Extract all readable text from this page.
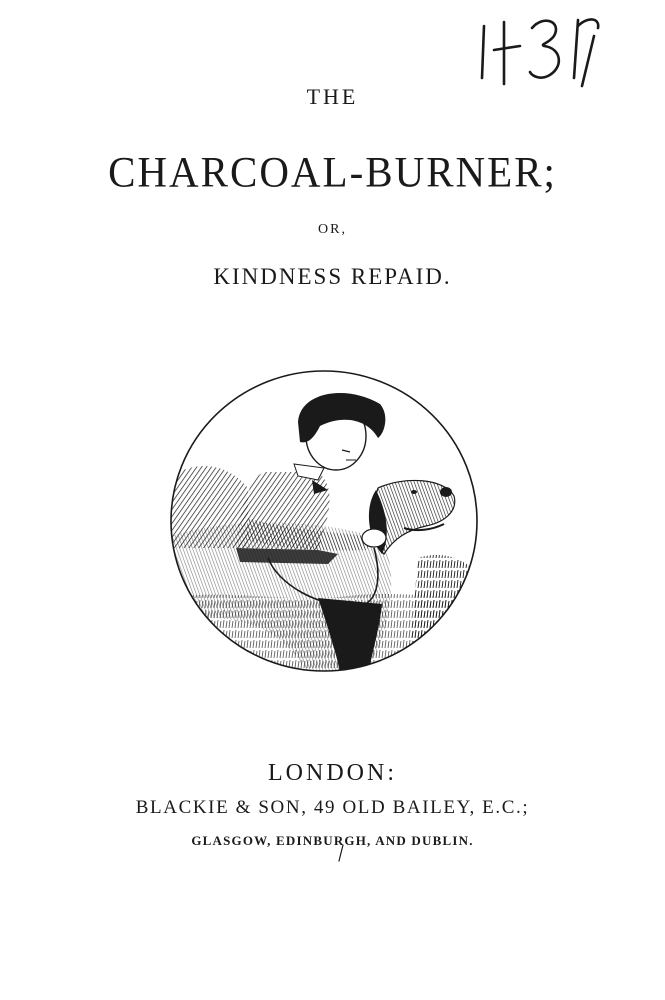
THE
CHARCOAL-BURNER;
OR,
KINDNESS REPAID.
LONDON:
BLACKIE & SON, 49 OLD BAILEY, E.C.;
GLASGOW, EDINBURGH, AND DUBLIN.
